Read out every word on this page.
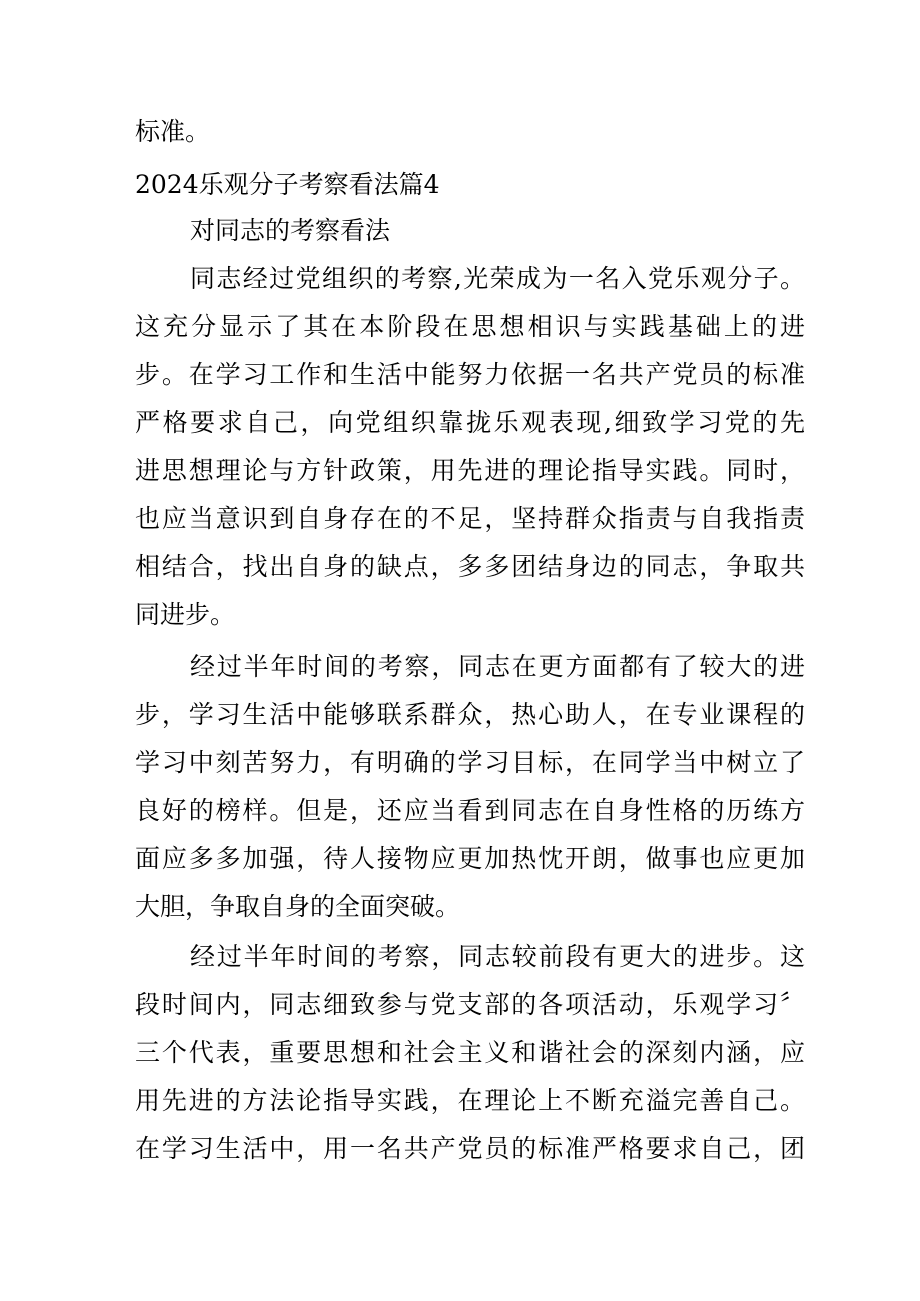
标准。
2024乐观分子考察看法篇4
对同志的考察看法
同志经过党组织的考察,光荣成为一名入党乐观分子。
这充分显示了其在本阶段在思想相识与实践基础上的进
步。在学习工作和生活中能努力依据一名共产党员的标准
严格要求自己，向党组织靠拢乐观表现,细致学习党的先
进思想理论与方针政策，用先进的理论指导实践。同时，
也应当意识到自身存在的不足，坚持群众指责与自我指责
相结合，找出自身的缺点，多多团结身边的同志，争取共
同进步。
经过半年时间的考察，同志在更方面都有了较大的进
步，学习生活中能够联系群众，热心助人，在专业课程的
学习中刻苦努力，有明确的学习目标，在同学当中树立了
良好的榜样。但是，还应当看到同志在自身性格的历练方
面应多多加强，待人接物应更加热忱开朗，做事也应更加
大胆，争取自身的全面突破。
经过半年时间的考察，同志较前段有更大的进步。这
段时间内，同志细致参与党支部的各项活动，乐观学习〞
三个代表，重要思想和社会主义和谐社会的深刻内涵，应
用先进的方法论指导实践，在理论上不断充溢完善自己。
在学习生活中，用一名共产党员的标准严格要求自己，团
